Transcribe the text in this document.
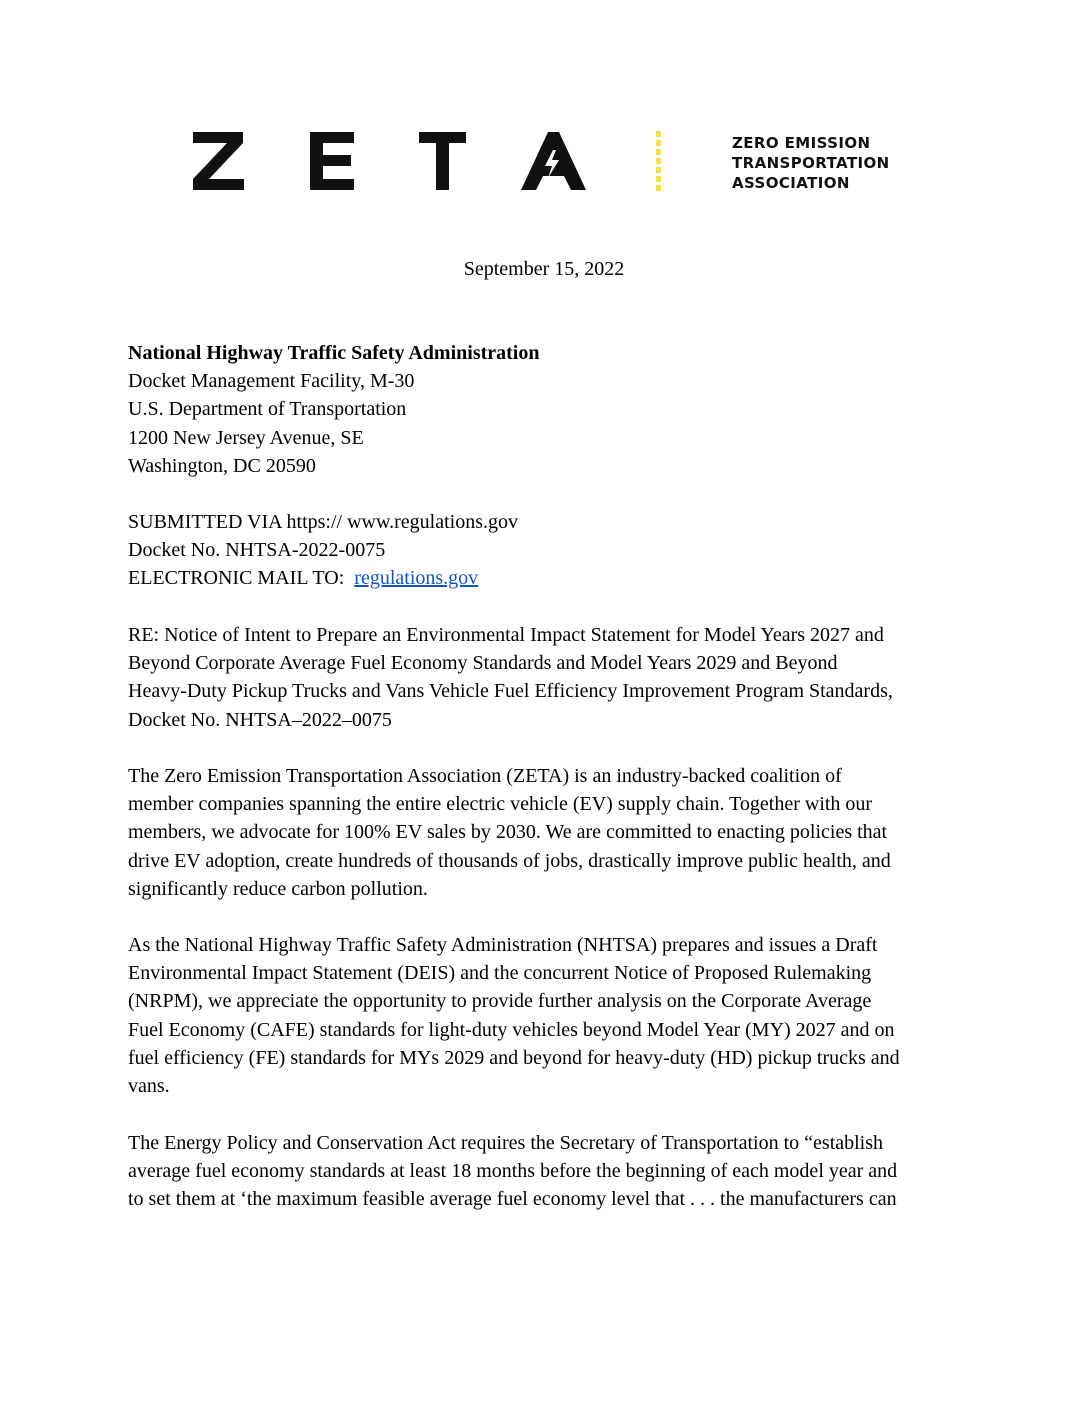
ZERO EMISSION
TRANSPORTATION
ASSOCIATION
September 15, 2022
National Highway Traffic Safety Administration
Docket Management Facility, M-30
U.S. Department of Transportation
1200 New Jersey Avenue, SE
Washington, DC 20590
SUBMITTED VIA https:// www.regulations.gov
Docket No. NHTSA-2022-0075
ELECTRONIC MAIL TO: regulations.gov
RE: Notice of Intent to Prepare an Environmental Impact Statement for Model Years 2027 and
Beyond Corporate Average Fuel Economy Standards and Model Years 2029 and Beyond
Heavy-Duty Pickup Trucks and Vans Vehicle Fuel Efficiency Improvement Program Standards,
Docket No. NHTSA–2022–0075
The Zero Emission Transportation Association (ZETA) is an industry-backed coalition of
member companies spanning the entire electric vehicle (EV) supply chain. Together with our
members, we advocate for 100% EV sales by 2030. We are committed to enacting policies that
drive EV adoption, create hundreds of thousands of jobs, drastically improve public health, and
significantly reduce carbon pollution.
As the National Highway Traffic Safety Administration (NHTSA) prepares and issues a Draft
Environmental Impact Statement (DEIS) and the concurrent Notice of Proposed Rulemaking
(NRPM), we appreciate the opportunity to provide further analysis on the Corporate Average
Fuel Economy (CAFE) standards for light-duty vehicles beyond Model Year (MY) 2027 and on
fuel efficiency (FE) standards for MYs 2029 and beyond for heavy-duty (HD) pickup trucks and
vans.
The Energy Policy and Conservation Act requires the Secretary of Transportation to “establish
average fuel economy standards at least 18 months before the beginning of each model year and
to set them at ‘the maximum feasible average fuel economy level that . . . the manufacturers can
